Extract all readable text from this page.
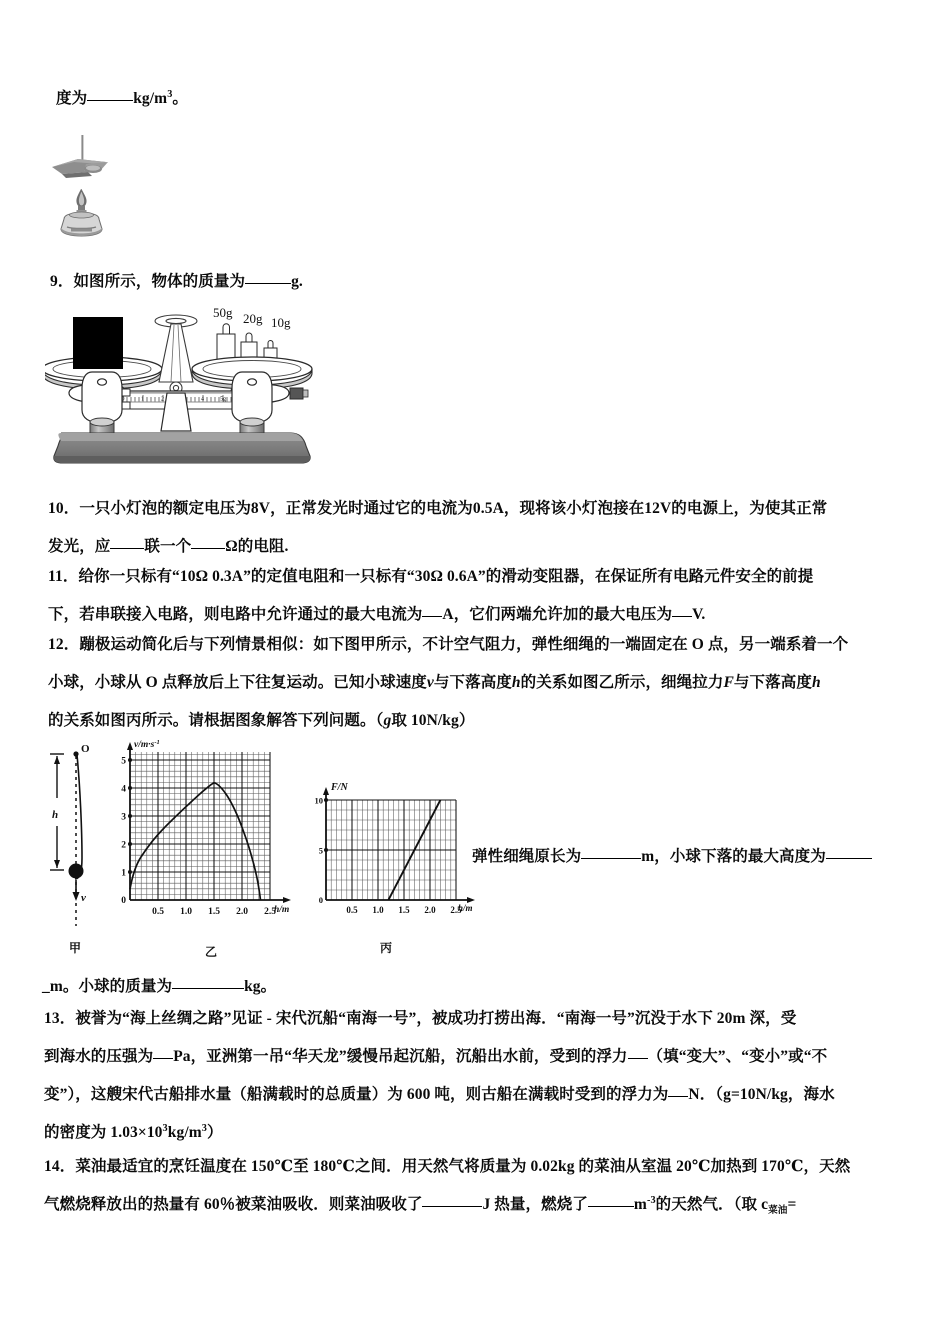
度为	$kg/m^3$。
9．如图所示，物体的质量为	g.
50g 20g 10g
0	1	2	4	5g
10．一只小灯泡的额定电压为8V，正常发光时通过它的电流为0.5A，现将该小灯泡接在12V的电源上，为使其正常
发光，应 联一个 Ω的电阻.
11．给你一只标有“10Ω 0.3A”的定值电阻和一只标有“30Ω 0.6A”的滑动变阻器，在保证所有电路元件安全的前提
下，若串联接入电路，则电路中允许通过的最大电流为 A，它们两端允许加的最大电压为 V.
12．蹦极运动简化后与下列情景相似：如下图甲所示，不计空气阻力，弹性细绳的一端固定在 O 点，另一端系着一个
小球，小球从 O 点释放后上下往复运动。已知小球速度v与下落高度h的关系如图乙所示，细绳拉力F与下落高度h
的关系如图丙所示。请根据图象解答下列问题。（g取 10N/kg）
h
O
v
甲
0
1
2
3
4
5
0.5 1.0 1.5 2.0 2.5
$v/m\cdot s^{-1}$
h/m
乙
0
5
10
0.5 1.0 1.5 2.0 2.5
F/N
h/m
丙
弹性细绳原长为	m，小球下落的最大高度为
_m。小球的质量为	kg。
13．被誉为“海上丝绸之路”见证 - 宋代沉船“南海一号”，被成功打捞出海．“南海一号”沉没于水下 20m 深，受
到海水的压强为 Pa，亚洲第一吊“华天龙”缓慢吊起沉船，沉船出水前，受到的浮力 （填“变大”、“变小”或“不
变”），这艘宋代古船排水量（船满载时的总质量）为 600 吨，则古船在满载时受到的浮力为 N．（g=10N/kg，海水
的密度为 $1.03\times 10^3kg/m^3$）
14．菜油最适宜的烹饪温度在 150℃至 180℃之间．用天然气将质量为 0.02kg 的菜油从室温 20℃加热到 170℃，天然
气燃烧释放出的热量有 60％被菜油吸收．则菜油吸收了	J 热量，燃烧了	$m^{-3}$的天然气．（取 $c_{菜油}=$
